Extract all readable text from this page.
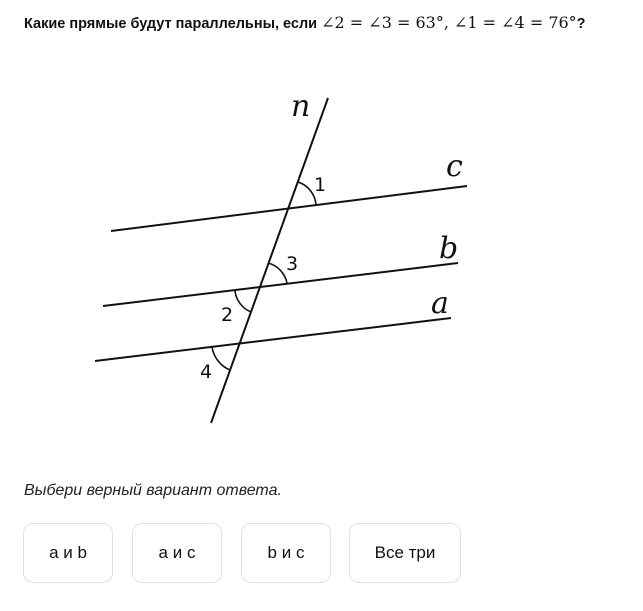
Какие прямые будут параллельны, если ∠2 = ∠3 = 63°, ∠1 = ∠4 = 76°?
n
c
b
a
1
3
2
4
Выбери верный вариант ответа.
a и b	a и c	b и c	Все три
